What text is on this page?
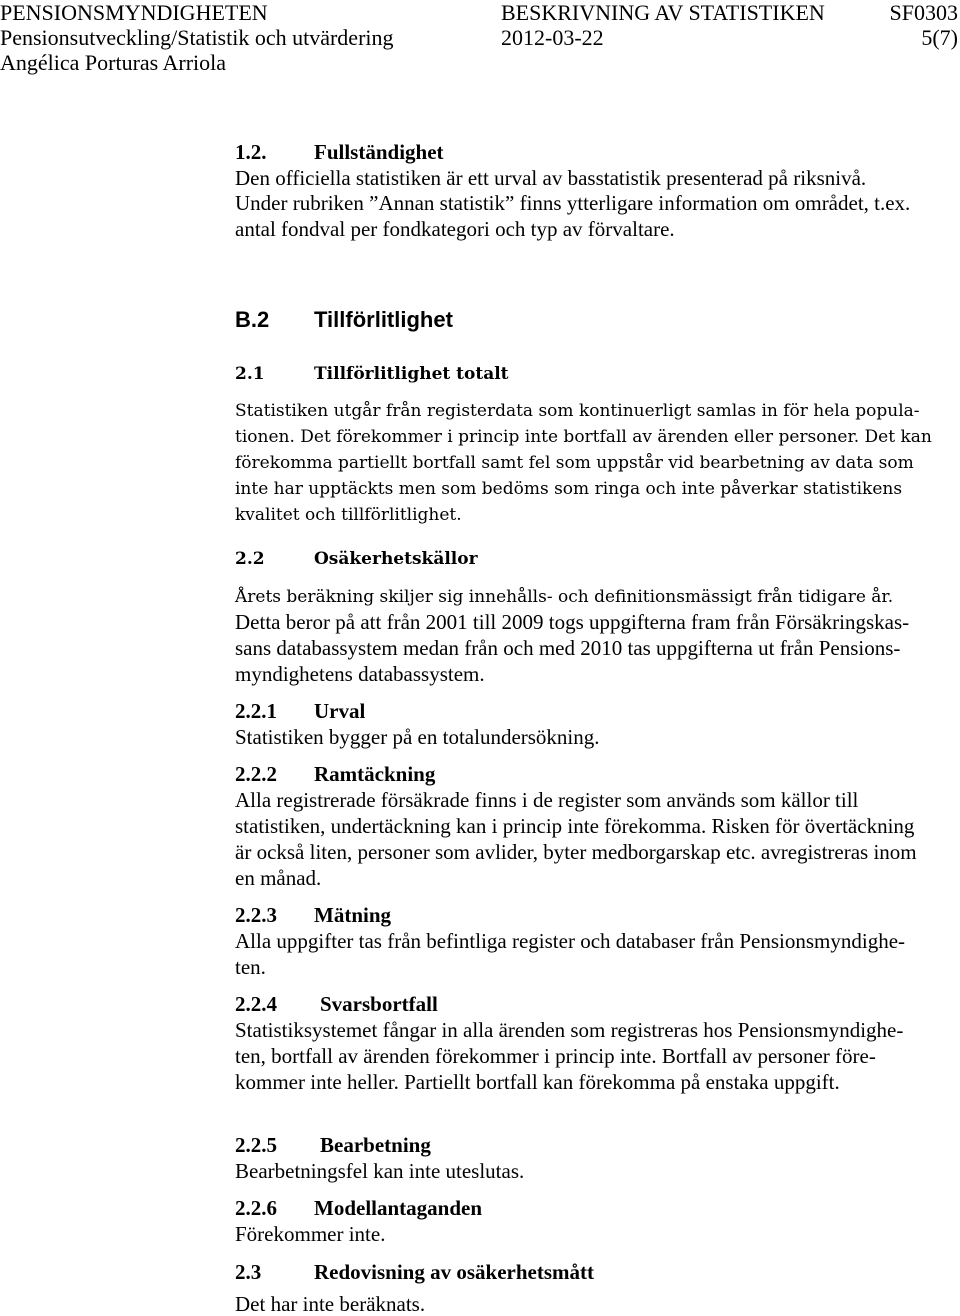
PENSIONSMYNDIGHETEN	BESKRIVNING AV STATISTIKEN	SF0303
Pensionsutveckling/Statistik och utvärdering	2012-03-22	5(7)
Angélica Porturas Arriola
1.2. Fullständighet
Den officiella statistiken är ett urval av basstatistik presenterad på riksnivå.
Under rubriken ”Annan statistik” finns ytterligare information om området, t.ex.
antal fondval per fondkategori och typ av förvaltare.
B.2 Tillförlitlighet
2.1	Tillförlitlighet totalt
Statistiken utgår från registerdata som kontinuerligt samlas in för hela popula-
tionen. Det förekommer i princip inte bortfall av ärenden eller personer. Det kan
förekomma partiellt bortfall samt fel som uppstår vid bearbetning av data som
inte har upptäckts men som bedöms som ringa och inte påverkar statistikens
kvalitet och tillförlitlighet.
2.2	Osäkerhetskällor
Årets beräkning skiljer sig innehålls- och definitionsmässigt från tidigare år.
Detta beror på att från 2001 till 2009 togs uppgifterna fram från Försäkringskas-
sans databassystem medan från och med 2010 tas uppgifterna ut från Pensions-
myndighetens databassystem.
2.2.1 Urval
Statistiken bygger på en totalundersökning.
2.2.2 Ramtäckning
Alla registrerade försäkrade finns i de register som används som källor till
statistiken, undertäckning kan i princip inte förekomma. Risken för övertäckning
är också liten, personer som avlider, byter medborgarskap etc. avregistreras inom
en månad.
2.2.3 Mätning
Alla uppgifter tas från befintliga register och databaser från Pensionsmyndighe-
ten.
2.2.4 Svarsbortfall
Statistiksystemet fångar in alla ärenden som registreras hos Pensionsmyndighe-
ten, bortfall av ärenden förekommer i princip inte. Bortfall av personer före-
kommer inte heller. Partiellt bortfall kan förekomma på enstaka uppgift.
2.2.5 Bearbetning
Bearbetningsfel kan inte uteslutas.
2.2.6 Modellantaganden
Förekommer inte.
2.3	Redovisning av osäkerhetsmått
Det har inte beräknats.
